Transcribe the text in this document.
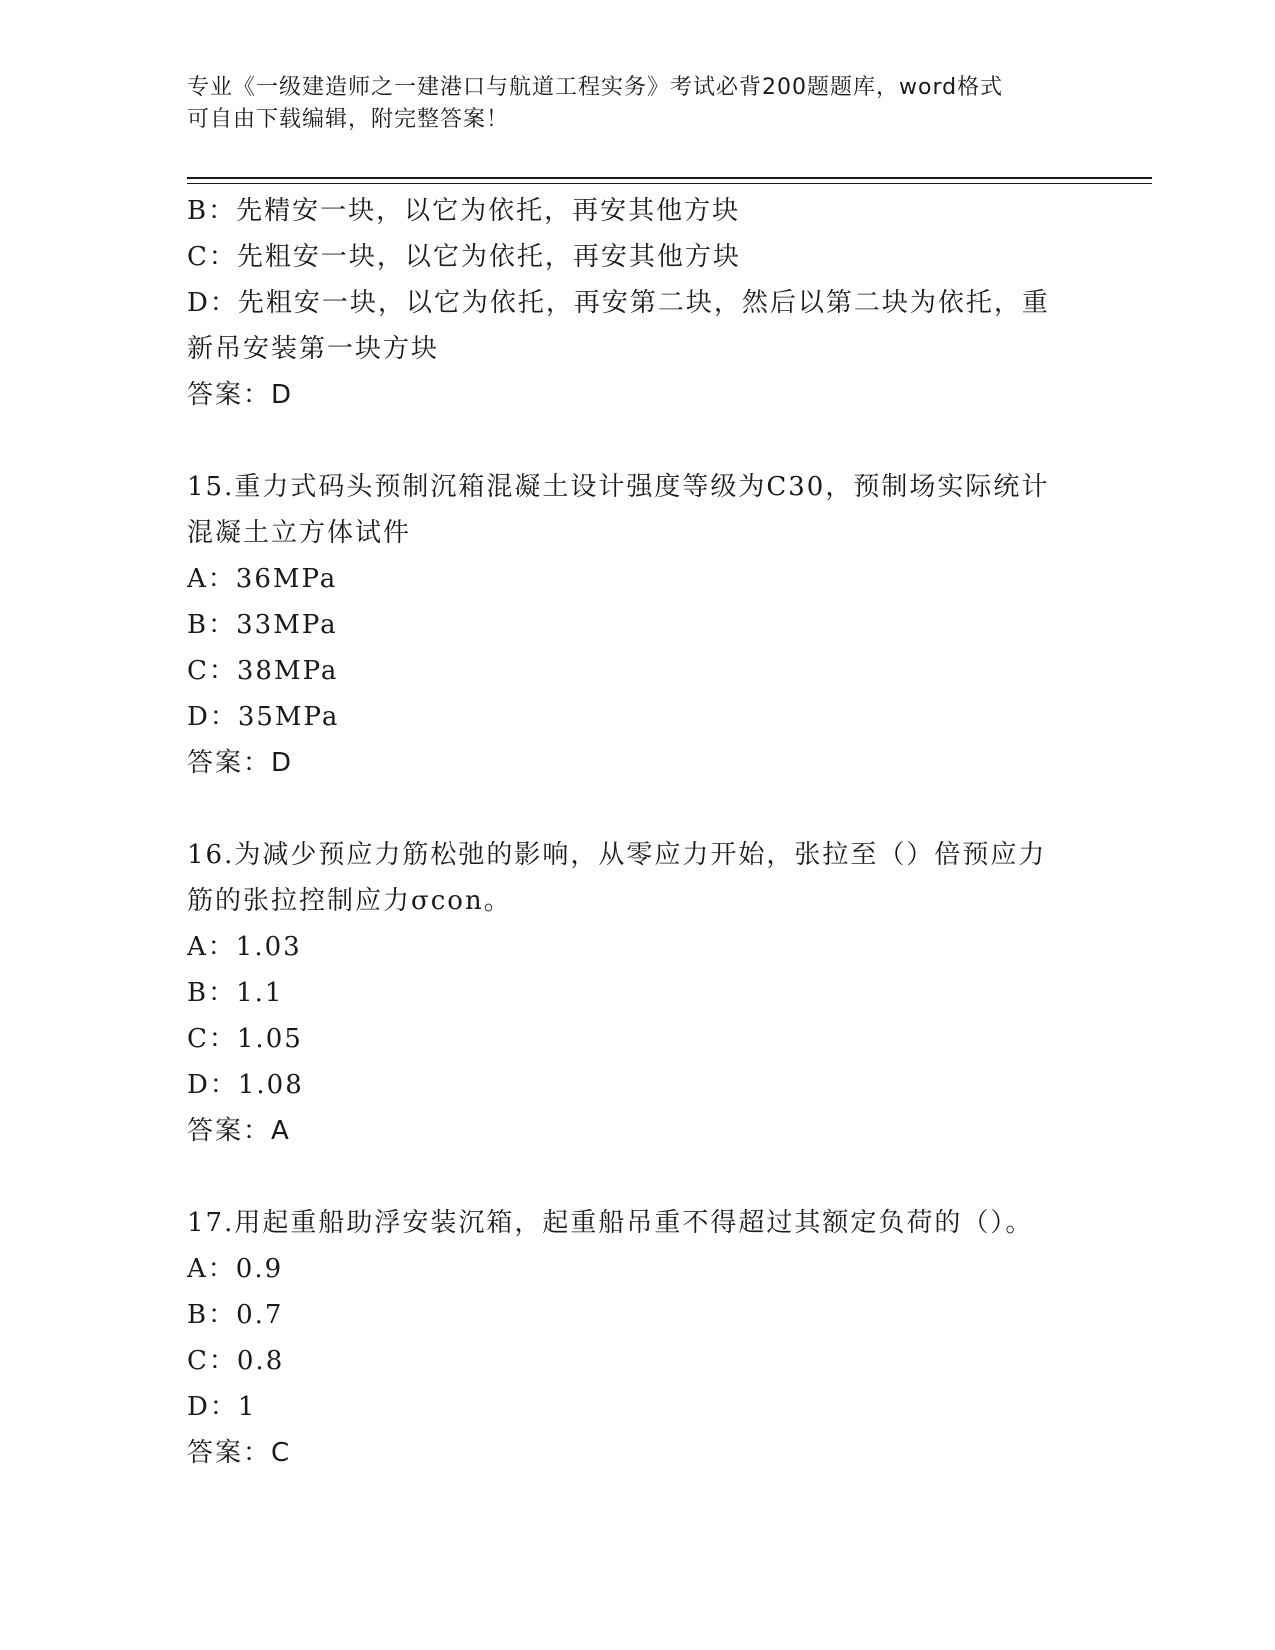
专业《一级建造师之一建港口与航道工程实务》考试必背200题题库，word格式
可自由下载编辑，附完整答案！
B：先精安一块，以它为依托，再安其他方块
C：先粗安一块，以它为依托，再安其他方块
D：先粗安一块，以它为依托，再安第二块，然后以第二块为依托，重
新吊安装第一块方块
答案：D
15.重力式码头预制沉箱混凝土设计强度等级为C30，预制场实际统计
混凝土立方体试件
A：36MPa
B：33MPa
C：38MPa
D：35MPa
答案：D
16.为减少预应力筋松弛的影响，从零应力开始，张拉至（）倍预应力
筋的张拉控制应力σcon。
A：1.03
B：1.1
C：1.05
D：1.08
答案：A
17.用起重船助浮安装沉箱，起重船吊重不得超过其额定负荷的（）。
A：0.9
B：0.7
C：0.8
D：1
答案：C
